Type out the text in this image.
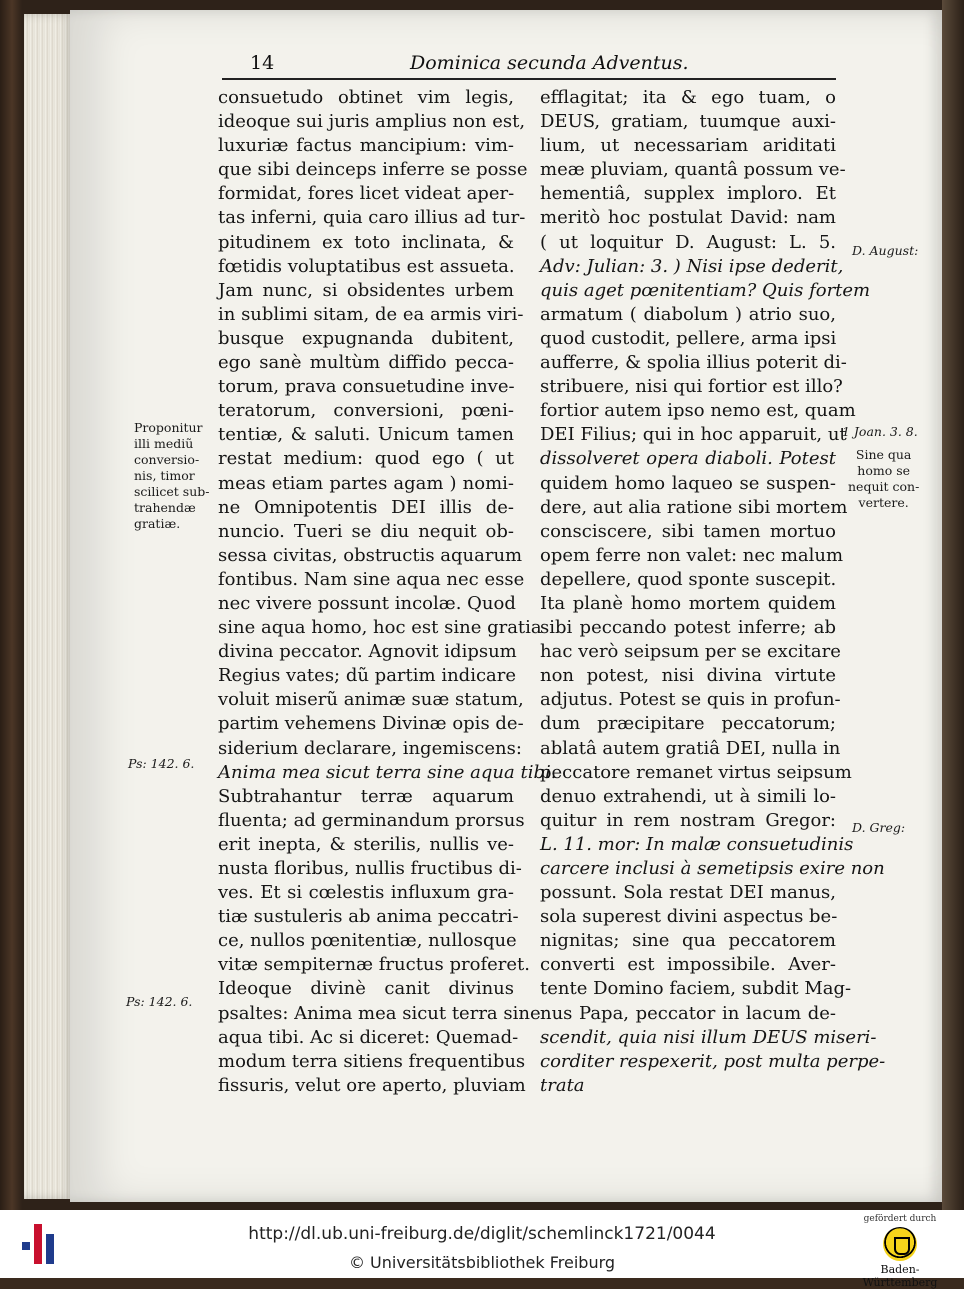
14	Dominica secunda Adventus.
consuetudo obtinet vim legis,
ideoque sui juris amplius non est,
luxuriæ factus mancipium: vim-
que sibi deinceps inferre se posse
formidat, fores licet videat aper-
tas inferni, quia caro illius ad tur-
pitudinem ex toto inclinata, &
fœtidis voluptatibus est assueta.
Jam nunc, si obsidentes urbem
in sublimi sitam, de ea armis viri-
busque expugnanda dubitent,
ego sanè multùm diffido pecca-
torum, prava consuetudine inve-
teratorum, conversioni, pœni-
tentiæ, & saluti. Unicum tamen
restat medium: quod ego ( ut
meas etiam partes agam ) nomi-
ne Omnipotentis DEI illis de-
nuncio. Tueri se diu nequit ob-
sessa civitas, obstructis aquarum
fontibus. Nam sine aqua nec esse
nec vivere possunt incolæ. Quod
sine aqua homo, hoc est sine gratia
divina peccator. Agnovit idipsum
Regius vates; dũ partim indicare
voluit miserũ animæ suæ statum,
partim vehemens Divinæ opis de-
siderium declarare, ingemiscens:
Anima mea sicut terra sine aqua tibi.
Subtrahantur terræ aquarum
fluenta; ad germinandum prorsus
erit inepta, & sterilis, nullis ve-
nusta floribus, nullis fructibus di-
ves. Et si cœlestis influxum gra-
tiæ sustuleris ab anima peccatri-
ce, nullos pœnitentiæ, nullosque
vitæ sempiternæ fructus proferet.
Ideoque divinè canit divinus
psaltes: Anima mea sicut terra sine
aqua tibi. Ac si diceret: Quemad-
modum terra sitiens frequentibus
fissuris, velut ore aperto, pluviam
efflagitat; ita & ego tuam, o
DEUS, gratiam, tuumque auxi-
lium, ut necessariam ariditati
meæ pluviam, quantâ possum ve-
hementiâ, supplex imploro. Et
meritò hoc postulat David: nam
( ut loquitur D. August: L. 5.
Adv: Julian: 3. ) Nisi ipse dederit,
quis aget pœnitentiam? Quis fortem
armatum ( diabolum ) atrio suo,
quod custodit, pellere, arma ipsi
aufferre, & spolia illius poterit di-
stribuere, nisi qui fortior est illo?
fortior autem ipso nemo est, quam
DEI Filius; qui in hoc apparuit, ut
dissolveret opera diaboli. Potest
quidem homo laqueo se suspen-
dere, aut alia ratione sibi mortem
consciscere, sibi tamen mortuo
opem ferre non valet: nec malum
depellere, quod sponte suscepit.
Ita planè homo mortem quidem
sibi peccando potest inferre; ab
hac verò seipsum per se excitare
non potest, nisi divina virtute
adjutus. Potest se quis in profun-
dum præcipitare peccatorum;
ablatâ autem gratiâ DEI, nulla in
peccatore remanet virtus seipsum
denuo extrahendi, ut à simili lo-
quitur in rem nostram Gregor:
L. 11. mor: In malæ consuetudinis
carcere inclusi à semetipsis exire non
possunt. Sola restat DEI manus,
sola superest divini aspectus be-
nignitas; sine qua peccatorem
converti est impossibile. Aver-
tente Domino faciem, subdit Mag-
nus Papa, peccator in lacum de-
scendit, quia nisi illum DEUS miseri-
corditer respexerit, post multa perpe-
trata
Proponitur
illi mediũ
conversio-
nis, timor
scilicet sub-
trahendæ
gratiæ.
Ps: 142. 6.
Ps: 142. 6.
D. August:
1 Joan. 3. 8.
Sine qua
homo se
nequit con-
vertere.
D. Greg:
http://dl.ub.uni-freiburg.de/diglit/schemlinck1721/0044
© Universitätsbibliothek Freiburg
gefördert durch
Baden-Württemberg
